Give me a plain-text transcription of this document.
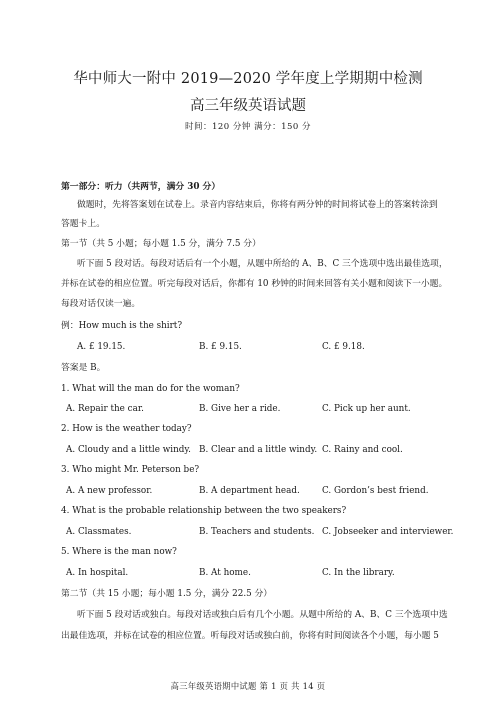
华中师大一附中 2019—2020 学年度上学期期中检测
高三年级英语试题
时间：120 分钟 满分：150 分
第一部分：听力（共两节，满分 30 分）
做题时，先将答案划在试卷上。录音内容结束后，你将有两分钟的时间将试卷上的答案转涂到
答题卡上。
第一节（共 5 小题；每小题 1.5 分，满分 7.5 分）
听下面 5 段对话。每段对话后有一个小题，从题中所给的 A、B、C 三个选项中选出最佳选项，
并标在试卷的相应位置。听完每段对话后，你都有 10 秒钟的时间来回答有关小题和阅读下一小题。
每段对话仅读一遍。
例：How much is the shirt?
A. £ 19.15.	B. £ 9.15.	C. £ 9.18.
答案是 B。
1. What will the man do for the woman?
A. Repair the car.	B. Give her a ride.	C. Pick up her aunt.
2. How is the weather today?
A. Cloudy and a little windy. B. Clear and a little windy. C. Rainy and cool.
3. Who might Mr. Peterson be?
A. A new professor.	B. A department head.	C. Gordon’s best friend.
4. What is the probable relationship between the two speakers?
A. Classmates.	B. Teachers and students. C. Jobseeker and interviewer.
5. Where is the man now?
A. In hospital.	B. At home.	C. In the library.
第二节（共 15 小题；每小题 1.5 分，满分 22.5 分）
听下面 5 段对话或独白。每段对话或独白后有几个小题。从题中所给的 A、B、C 三个选项中选
出最佳选项，并标在试卷的相应位置。听每段对话或独白前，你将有时间阅读各个小题，每小题 5
高三年级英语期中试题 第 1 页 共 14 页
